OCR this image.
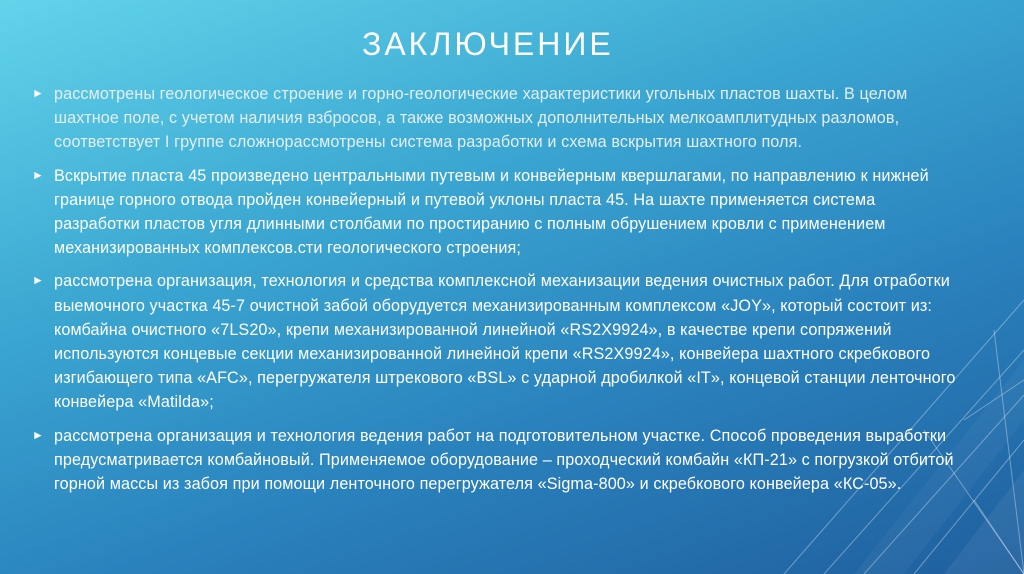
ЗАКЛЮЧЕНИЕ
► рассмотрены геологическое строение и горно-геологические характеристики угольных пластов шахты. В целом шахтное поле, с учетом наличия взбросов, а также возможных дополнительных мелкоамплитудных разломов, соответствует I группе сложнорассмотрены система разработки и схема вскрытия шахтного поля.
► Вскрытие пласта 45 произведено центральными путевым и конвейерным квершлагами, по направлению к нижней границе горного отвода пройден конвейерный и путевой уклоны пласта 45. На шахте применяется система разработки пластов угля длинными столбами по простиранию с полным обрушением кровли с применением механизированных комплексов.сти геологического строения;
► рассмотрена организация, технология и средства комплексной механизации ведения очистных работ. Для отработки выемочного участка 45-7 очистной забой оборудуется механизированным комплексом «JOY», который состоит из: комбайна очистного «7LS20», крепи механизированной линейной «RS2X9924», в качестве крепи сопряжений используются концевые секции механизированной линейной крепи «RS2X9924», конвейера шахтного скребкового изгибающего типа «AFC», перегружателя штрекового «BSL» с ударной дробилкой «IT», концевой станции ленточного конвейера «Matilda»;
► рассмотрена организация и технология ведения работ на подготовительном участке. Способ проведения выработки предусматривается комбайновый. Применяемое оборудование – проходческий комбайн «КП-21» с погрузкой отбитой горной массы из забоя при помощи ленточного перегружателя «Sigma-800» и скребкового конвейера «КС-05».
